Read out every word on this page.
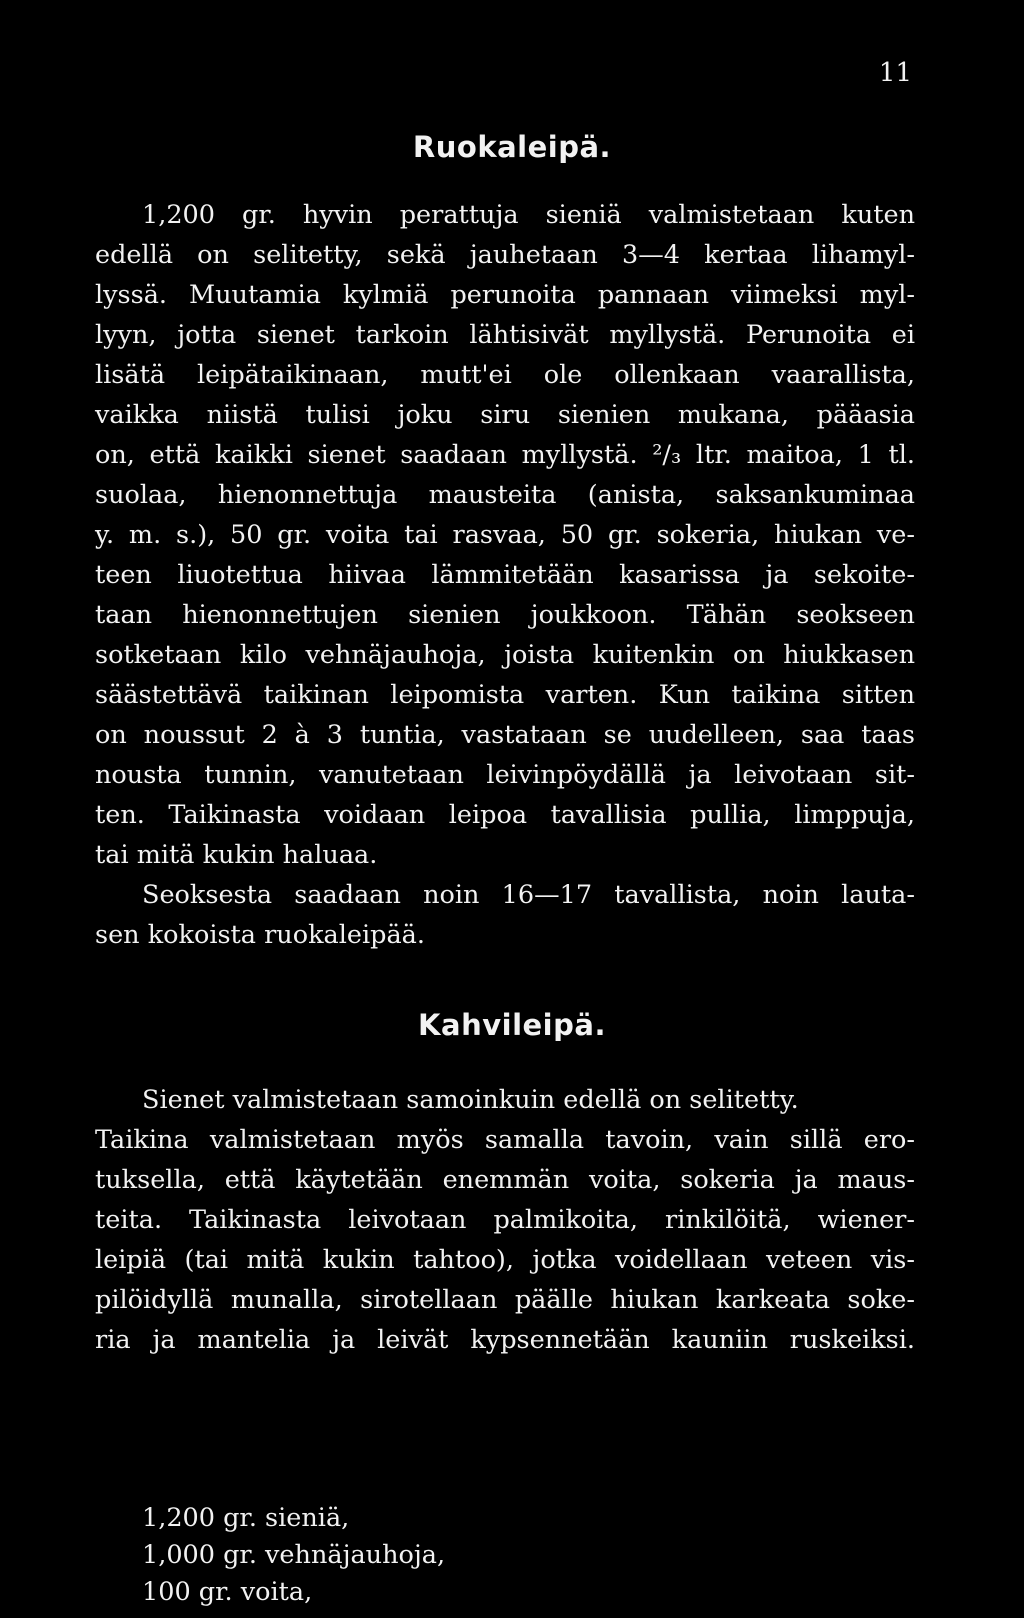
11
Ruokaleipä.
1,200 gr. hyvin perattuja sieniä valmistetaan kuten
edellä on selitetty, sekä jauhetaan 3—4 kertaa lihamyl-
lyssä. Muutamia kylmiä perunoita pannaan viimeksi myl-
lyyn, jotta sienet tarkoin lähtisivät myllystä. Perunoita ei
lisätä leipätaikinaan, mutt'ei ole ollenkaan vaarallista,
vaikka niistä tulisi joku siru sienien mukana, pääasia
on, että kaikki sienet saadaan myllystä. ²/₃ ltr. maitoa, 1 tl.
suolaa, hienonnettuja mausteita (anista, saksankuminaa
y. m. s.), 50 gr. voita tai rasvaa, 50 gr. sokeria, hiukan ve-
teen liuotettua hiivaa lämmitetään kasarissa ja sekoite-
taan hienonnettujen sienien joukkoon. Tähän seokseen
sotketaan kilo vehnäjauhoja, joista kuitenkin on hiukkasen
säästettävä taikinan leipomista varten. Kun taikina sitten
on noussut 2 à 3 tuntia, vastataan se uudelleen, saa taas
nousta tunnin, vanutetaan leivinpöydällä ja leivotaan sit-
ten. Taikinasta voidaan leipoa tavallisia pullia, limppuja,
tai mitä kukin haluaa.
Seoksesta saadaan noin 16—17 tavallista, noin lauta-
sen kokoista ruokaleipää.
Kahvileipä.
Sienet valmistetaan samoinkuin edellä on selitetty.
Taikina valmistetaan myös samalla tavoin, vain sillä ero-
tuksella, että käytetään enemmän voita, sokeria ja maus-
teita. Taikinasta leivotaan palmikoita, rinkilöitä, wiener-
leipiä (tai mitä kukin tahtoo), jotka voidellaan veteen vis-
pilöidyllä munalla, sirotellaan päälle hiukan karkeata soke-
ria ja mantelia ja leivät kypsennetään kauniin ruskeiksi.
1,200 gr. sieniä,
1,000 gr. vehnäjauhoja,
100 gr. voita,
